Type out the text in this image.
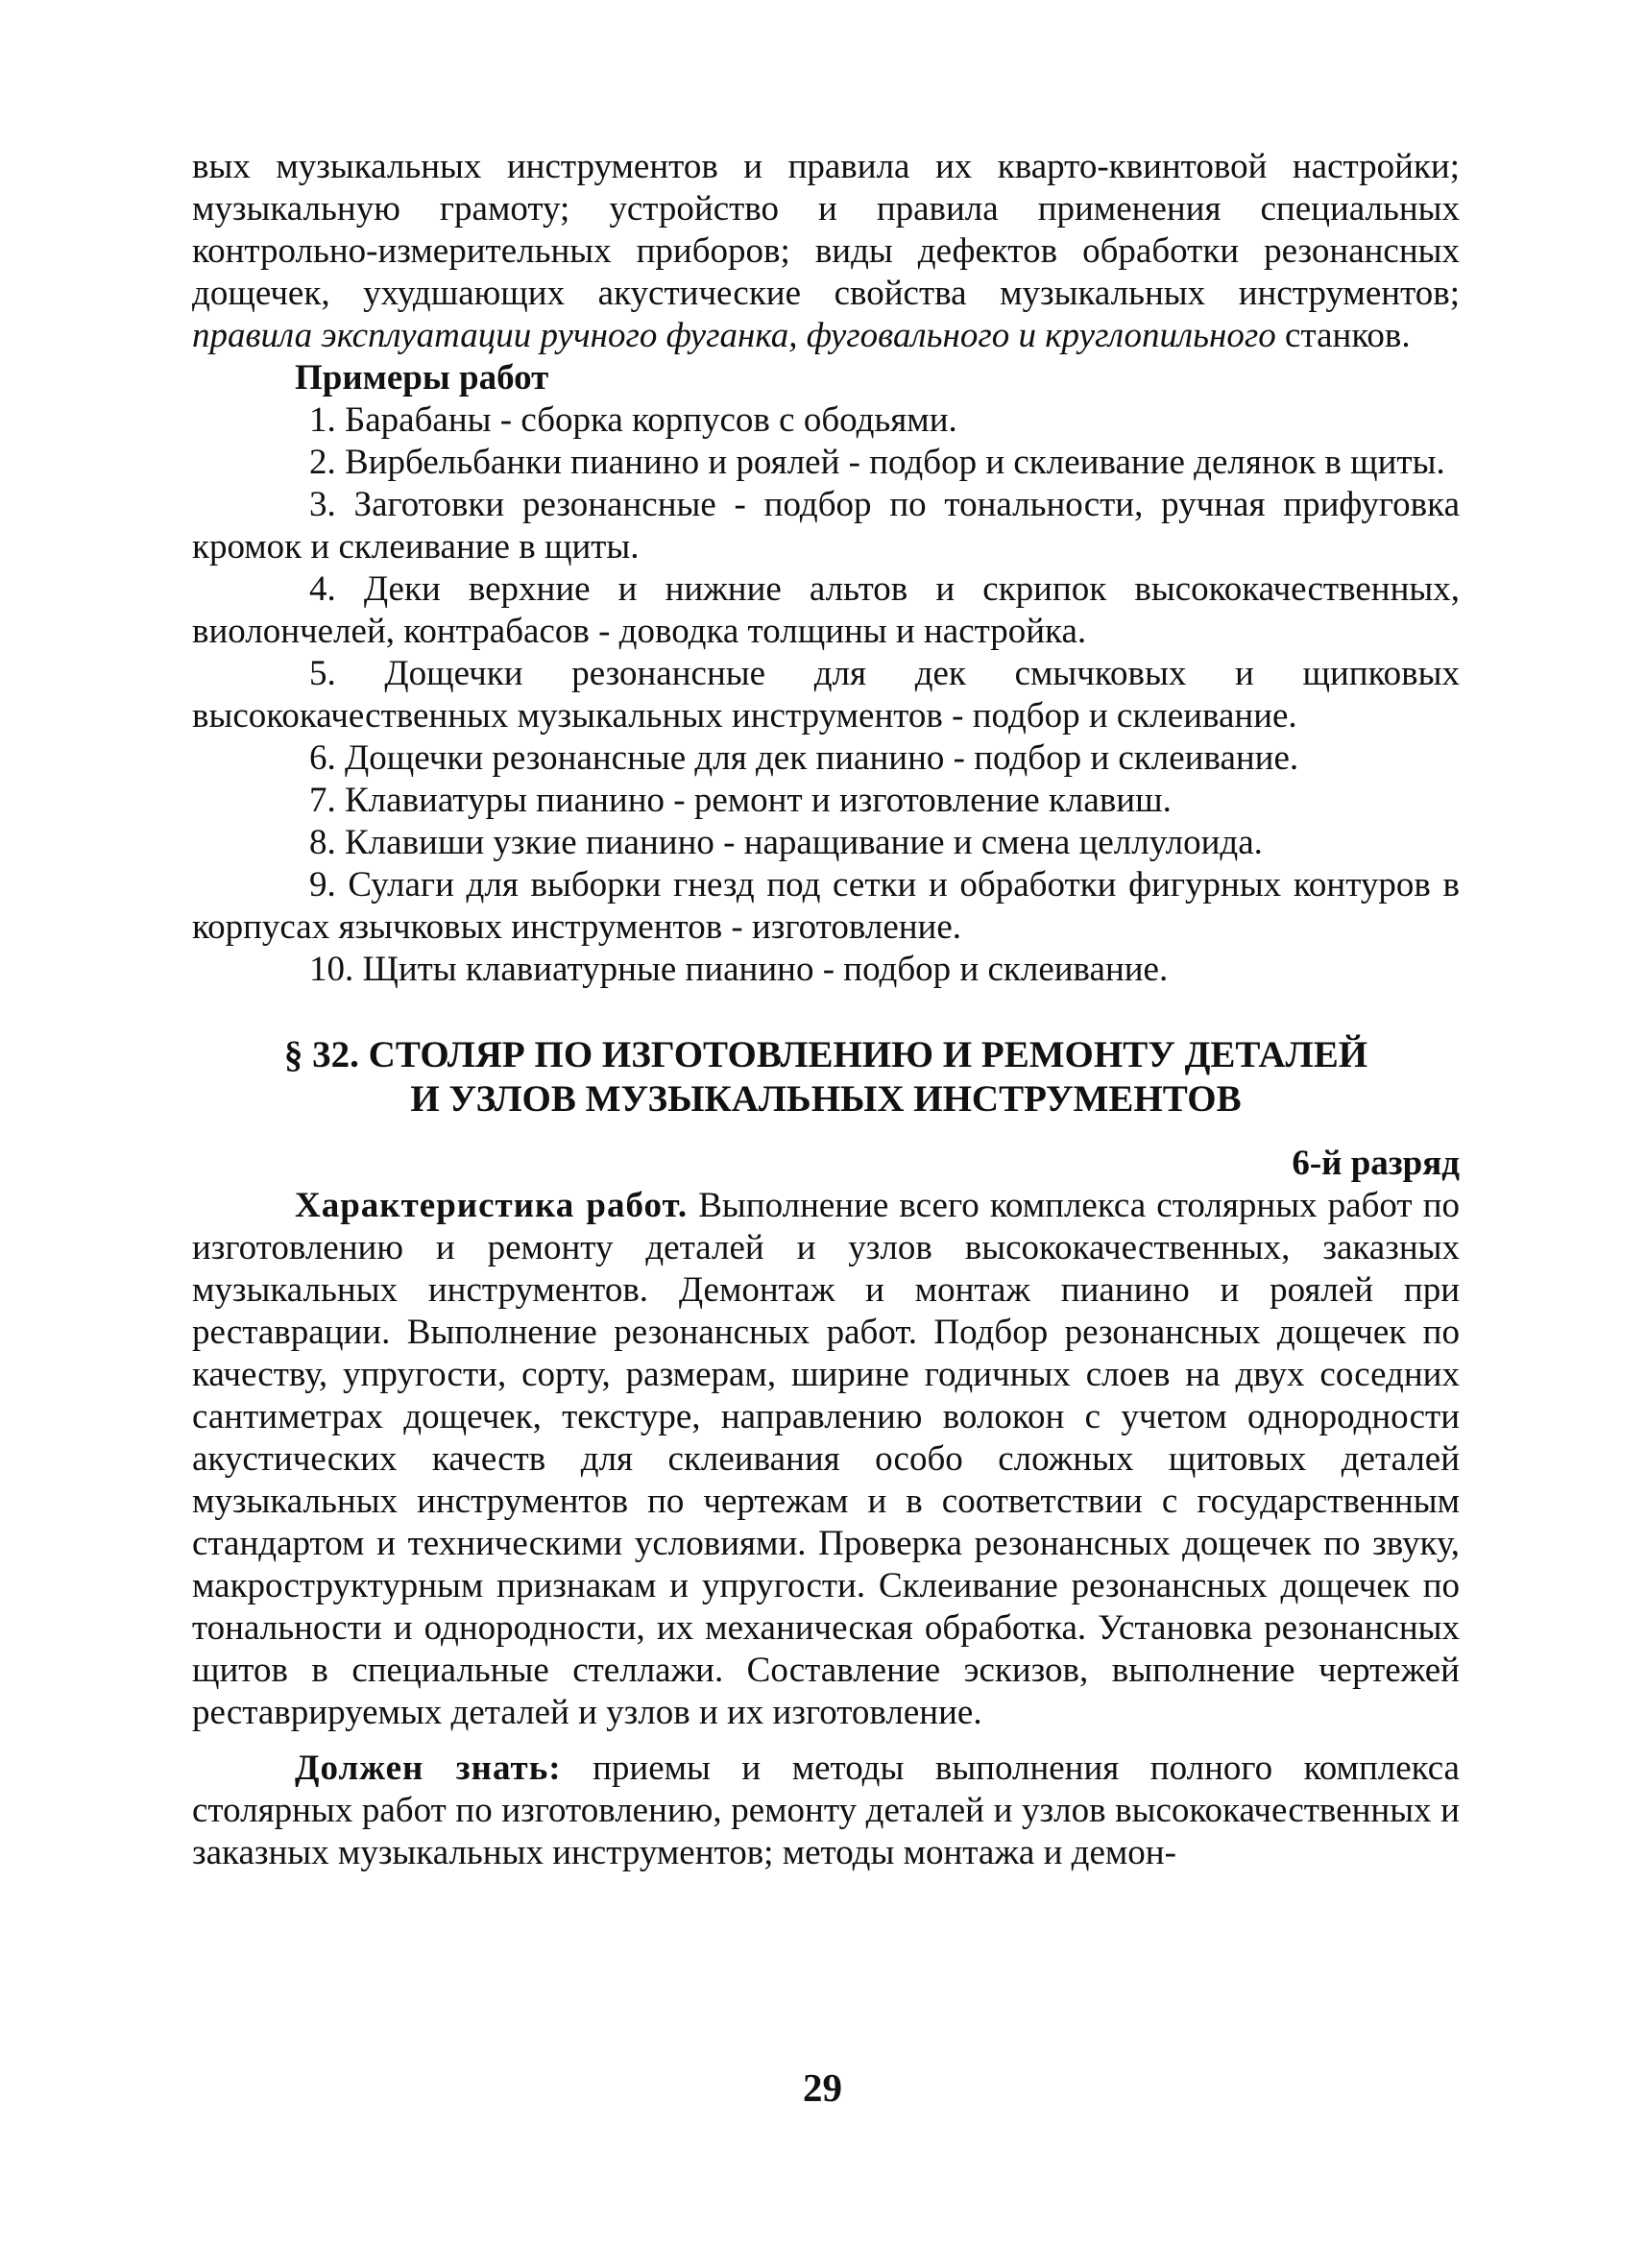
вых музыкальных инструментов и правила их кварто-квинтовой настройки; музыкальную грамоту; устройство и правила применения специальных контрольно-измерительных приборов; виды дефектов обработки резонансных дощечек, ухудшающих акустические свойства музыкальных инструментов; правила эксплуатации ручного фуганка, фуговального и круглопильного станков.

Примеры работ

1. Барабаны - сборка корпусов с ободьями.

2. Вирбельбанки пианино и роялей - подбор и склеивание делянок в щиты.

3. Заготовки резонансные - подбор по тональности, ручная прифуговка кромок и склеивание в щиты.

4. Деки верхние и нижние альтов и скрипок высококачественных, виолончелей, контрабасов - доводка толщины и настройка.

5. Дощечки резонансные для дек смычковых и щипковых высококачественных музыкальных инструментов - подбор и склеивание.

6. Дощечки резонансные для дек пианино - подбор и склеивание.

7. Клавиатуры пианино - ремонт и изготовление клавиш.

8. Клавиши узкие пианино - наращивание и смена целлулоида.

9. Сулаги для выборки гнезд под сетки и обработки фигурных контуров в корпусах язычковых инструментов - изготовление.

10. Щиты клавиатурные пианино - подбор и склеивание.

§ 32. СТОЛЯР ПО ИЗГОТОВЛЕНИЮ И РЕМОНТУ ДЕТАЛЕЙ
И УЗЛОВ МУЗЫКАЛЬНЫХ ИНСТРУМЕНТОВ

6-й разряд

Характеристика работ. Выполнение всего комплекса столярных работ по изготовлению и ремонту деталей и узлов высококачественных, заказных музыкальных инструментов. Демонтаж и монтаж пианино и роялей при реставрации. Выполнение резонансных работ. Подбор резонансных дощечек по качеству, упругости, сорту, размерам, ширине годичных слоев на двух соседних сантиметрах дощечек, текстуре, направлению волокон с учетом однородности акустических качеств для склеивания особо сложных щитовых деталей музыкальных инструментов по чертежам и в соответствии с государственным стандартом и техническими условиями. Проверка резонансных дощечек по звуку, макроструктурным признакам и упругости. Склеивание резонансных дощечек по тональности и однородности, их механическая обработка. Установка резонансных щитов в специальные стеллажи. Составление эскизов, выполнение чертежей реставрируемых деталей и узлов и их изготовление.

Должен знать: приемы и методы выполнения полного комплекса столярных работ по изготовлению, ремонту деталей и узлов высококачественных и заказных музыкальных инструментов; методы монтажа и демон-

29
